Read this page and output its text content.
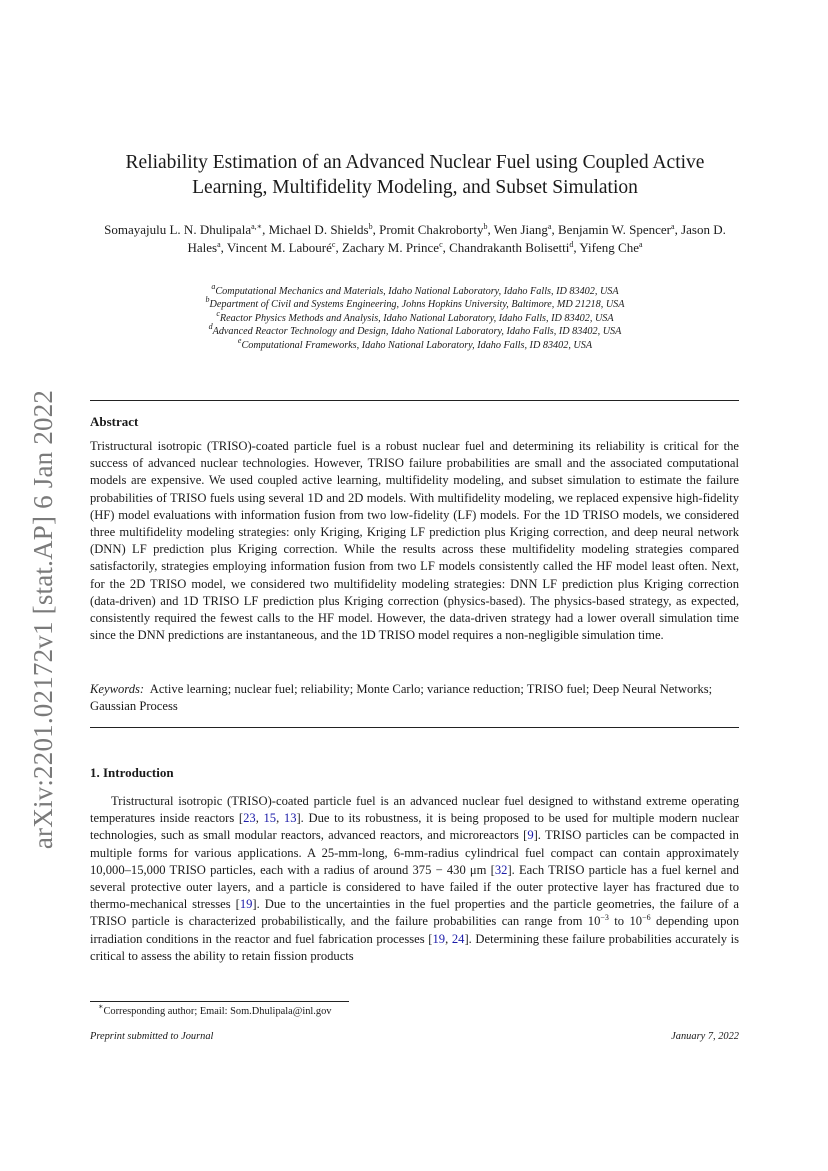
arXiv:2201.02172v1 [stat.AP] 6 Jan 2022
Reliability Estimation of an Advanced Nuclear Fuel using Coupled Active
Learning, Multifidelity Modeling, and Subset Simulation
Somayajulu L. N. Dhulipala$^{a,∗}$, Michael D. Shields$^b$, Promit Chakroborty$^b$, Wen Jiang$^a$, Benjamin W. Spencer$^a$, Jason D. Hales$^a$, Vincent M. Labouré$^c$, Zachary M. Prince$^c$, Chandrakanth Bolisetti$^d$, Yifeng Che$^a$
$^a$Computational Mechanics and Materials, Idaho National Laboratory, Idaho Falls, ID 83402, USA
$^b$Department of Civil and Systems Engineering, Johns Hopkins University, Baltimore, MD 21218, USA
$^c$Reactor Physics Methods and Analysis, Idaho National Laboratory, Idaho Falls, ID 83402, USA
$^d$Advanced Reactor Technology and Design, Idaho National Laboratory, Idaho Falls, ID 83402, USA
$^e$Computational Frameworks, Idaho National Laboratory, Idaho Falls, ID 83402, USA
Abstract
Tristructural isotropic (TRISO)-coated particle fuel is a robust nuclear fuel and determining its reliability is critical for the success of advanced nuclear technologies. However, TRISO failure probabilities are small and the associated computational models are expensive. We used coupled active learning, multifidelity modeling, and subset simulation to estimate the failure probabilities of TRISO fuels using several 1D and 2D models. With multifidelity modeling, we replaced expensive high-fidelity (HF) model evaluations with information fusion from two low-fidelity (LF) models. For the 1D TRISO models, we considered three multifidelity modeling strategies: only Kriging, Kriging LF prediction plus Kriging correction, and deep neural network (DNN) LF prediction plus Kriging correction. While the results across these multifidelity modeling strategies compared satisfactorily, strategies employing information fusion from two LF models consistently called the HF model least often. Next, for the 2D TRISO model, we considered two multifidelity modeling strategies: DNN LF prediction plus Kriging correction (data-driven) and 1D TRISO LF prediction plus Kriging correction (physics-based). The physics-based strategy, as expected, consistently required the fewest calls to the HF model. However, the data-driven strategy had a lower overall simulation time since the DNN predictions are instantaneous, and the 1D TRISO model requires a non-negligible simulation time.
Keywords: Active learning; nuclear fuel; reliability; Monte Carlo; variance reduction; TRISO fuel; Deep Neural Networks; Gaussian Process
1. Introduction
Tristructural isotropic (TRISO)-coated particle fuel is an advanced nuclear fuel designed to withstand extreme operating temperatures inside reactors [23, 15, 13]. Due to its robustness, it is being proposed to be used for multiple modern nuclear technologies, such as small modular reactors, advanced reactors, and microreactors [9]. TRISO particles can be compacted in multiple forms for various applications. A 25-mm-long, 6-mm-radius cylindrical fuel compact can contain approximately 10,000–15,000 TRISO particles, each with a radius of around 375 − 430 μm [32]. Each TRISO particle has a fuel kernel and several protective outer layers, and a particle is considered to have failed if the outer protective layer has fractured due to thermo-mechanical stresses [19]. Due to the uncertainties in the fuel properties and the particle geometries, the failure of a TRISO particle is characterized probabilistically, and the failure probabilities can range from $10^{-3}$ to $10^{-6}$ depending upon irradiation conditions in the reactor and fuel fabrication processes [19, 24]. Determining these failure probabilities accurately is critical to assess the ability to retain fission products
∗Corresponding author; Email: Som.Dhulipala@inl.gov
Preprint submitted to Journal	January 7, 2022
